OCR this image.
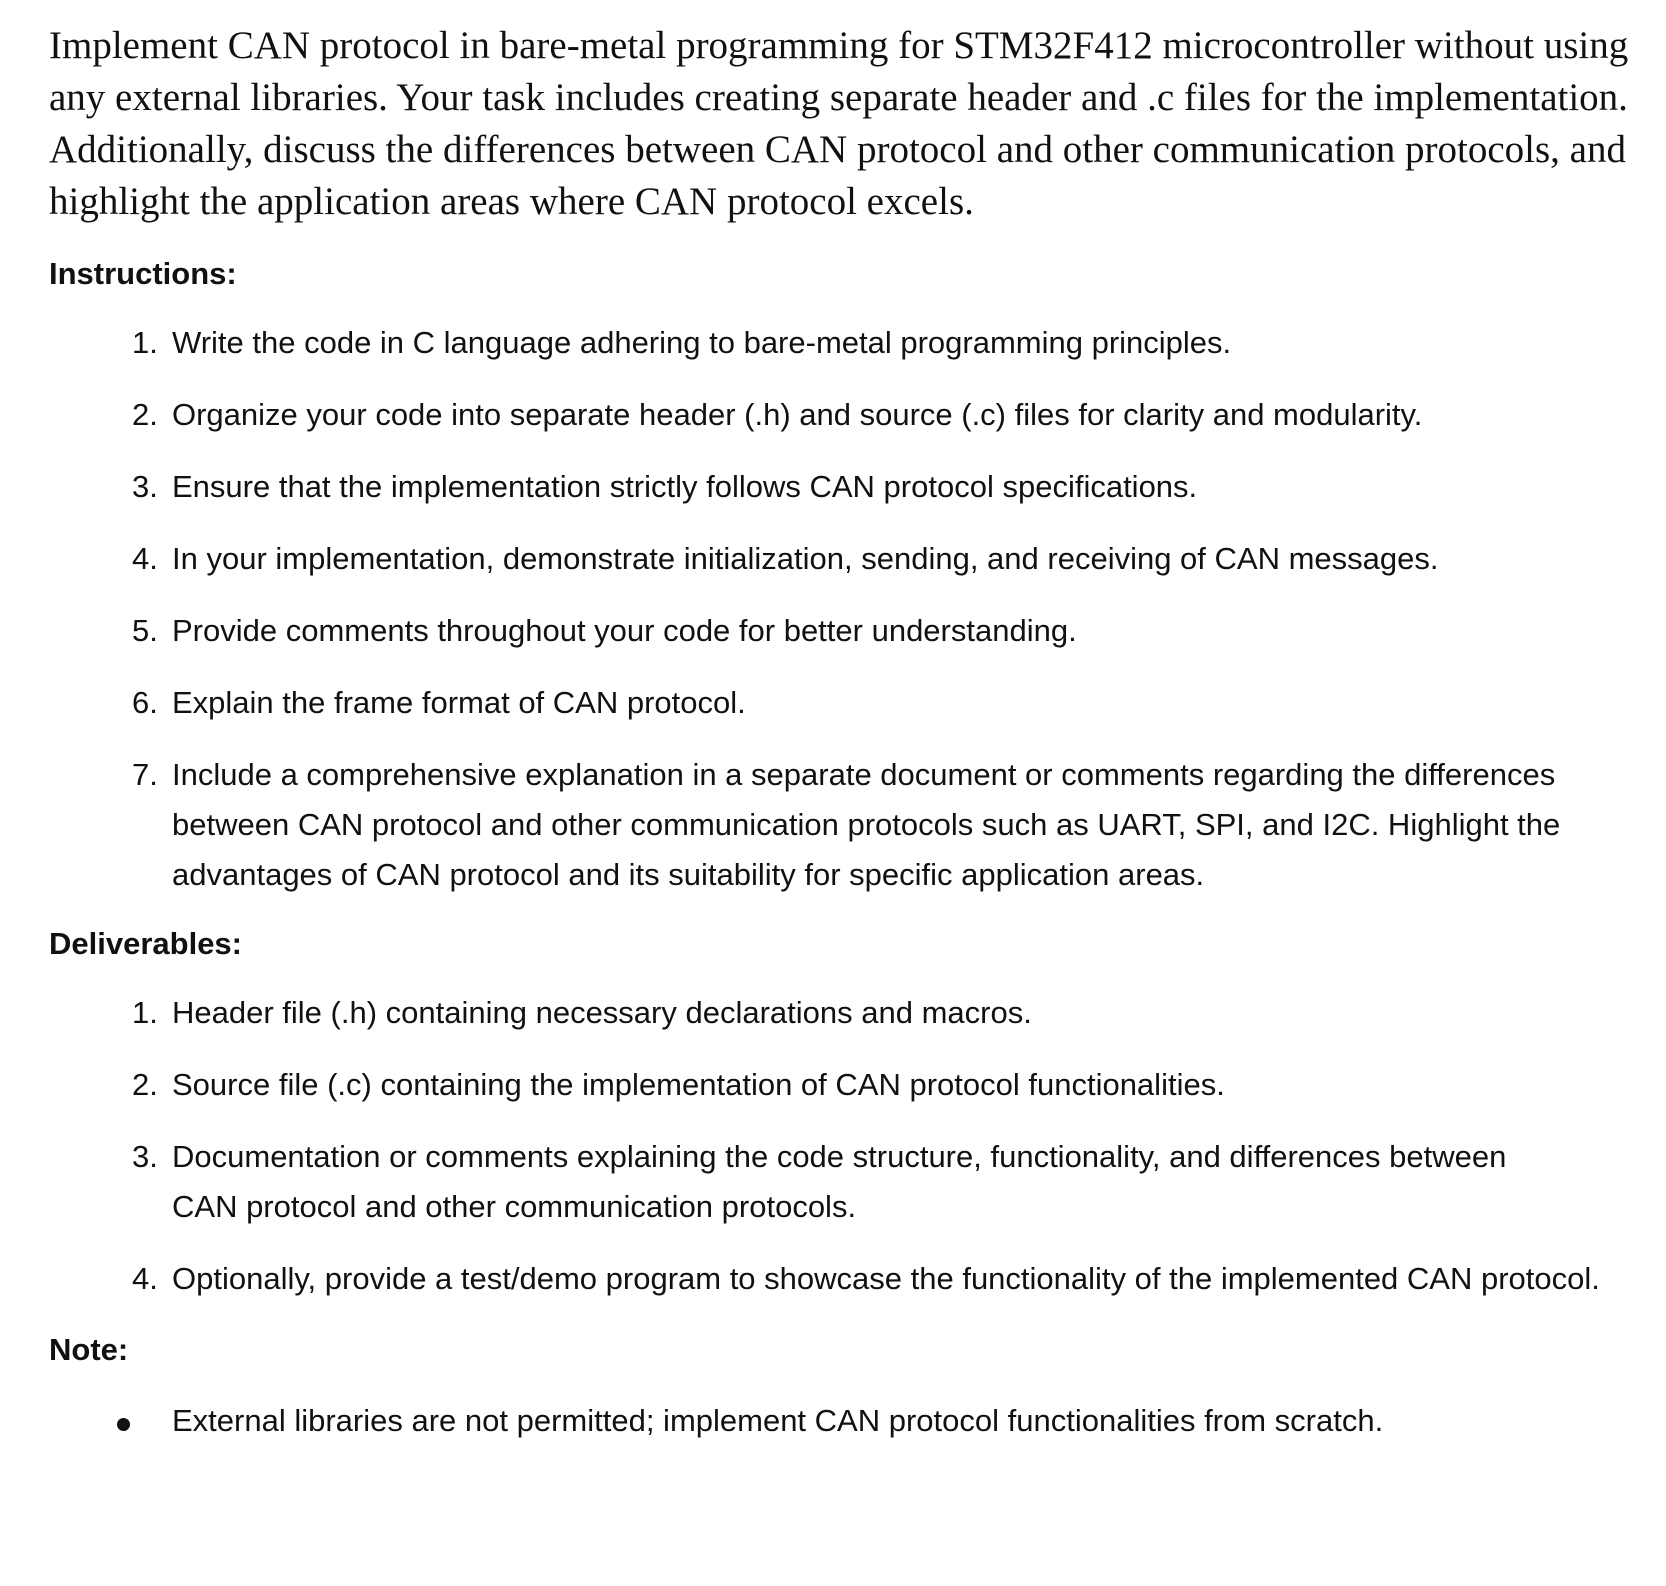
Implement CAN protocol in bare-metal programming for STM32F412 microcontroller without using any external libraries. Your task includes creating separate header and .c files for the implementation. Additionally, discuss the differences between CAN protocol and other communication protocols, and highlight the application areas where CAN protocol excels.

Instructions:
1. Write the code in C language adhering to bare-metal programming principles.
2. Organize your code into separate header (.h) and source (.c) files for clarity and modularity.
3. Ensure that the implementation strictly follows CAN protocol specifications.
4. In your implementation, demonstrate initialization, sending, and receiving of CAN messages.
5. Provide comments throughout your code for better understanding.
6. Explain the frame format of CAN protocol.
7. Include a comprehensive explanation in a separate document or comments regarding the differences between CAN protocol and other communication protocols such as UART, SPI, and I2C. Highlight the advantages of CAN protocol and its suitability for specific application areas.
Deliverables:
1. Header file (.h) containing necessary declarations and macros.
2. Source file (.c) containing the implementation of CAN protocol functionalities.
3. Documentation or comments explaining the code structure, functionality, and differences between CAN protocol and other communication protocols.
4. Optionally, provide a test/demo program to showcase the functionality of the implemented CAN protocol.
Note:
External libraries are not permitted; implement CAN protocol functionalities from scratch.
